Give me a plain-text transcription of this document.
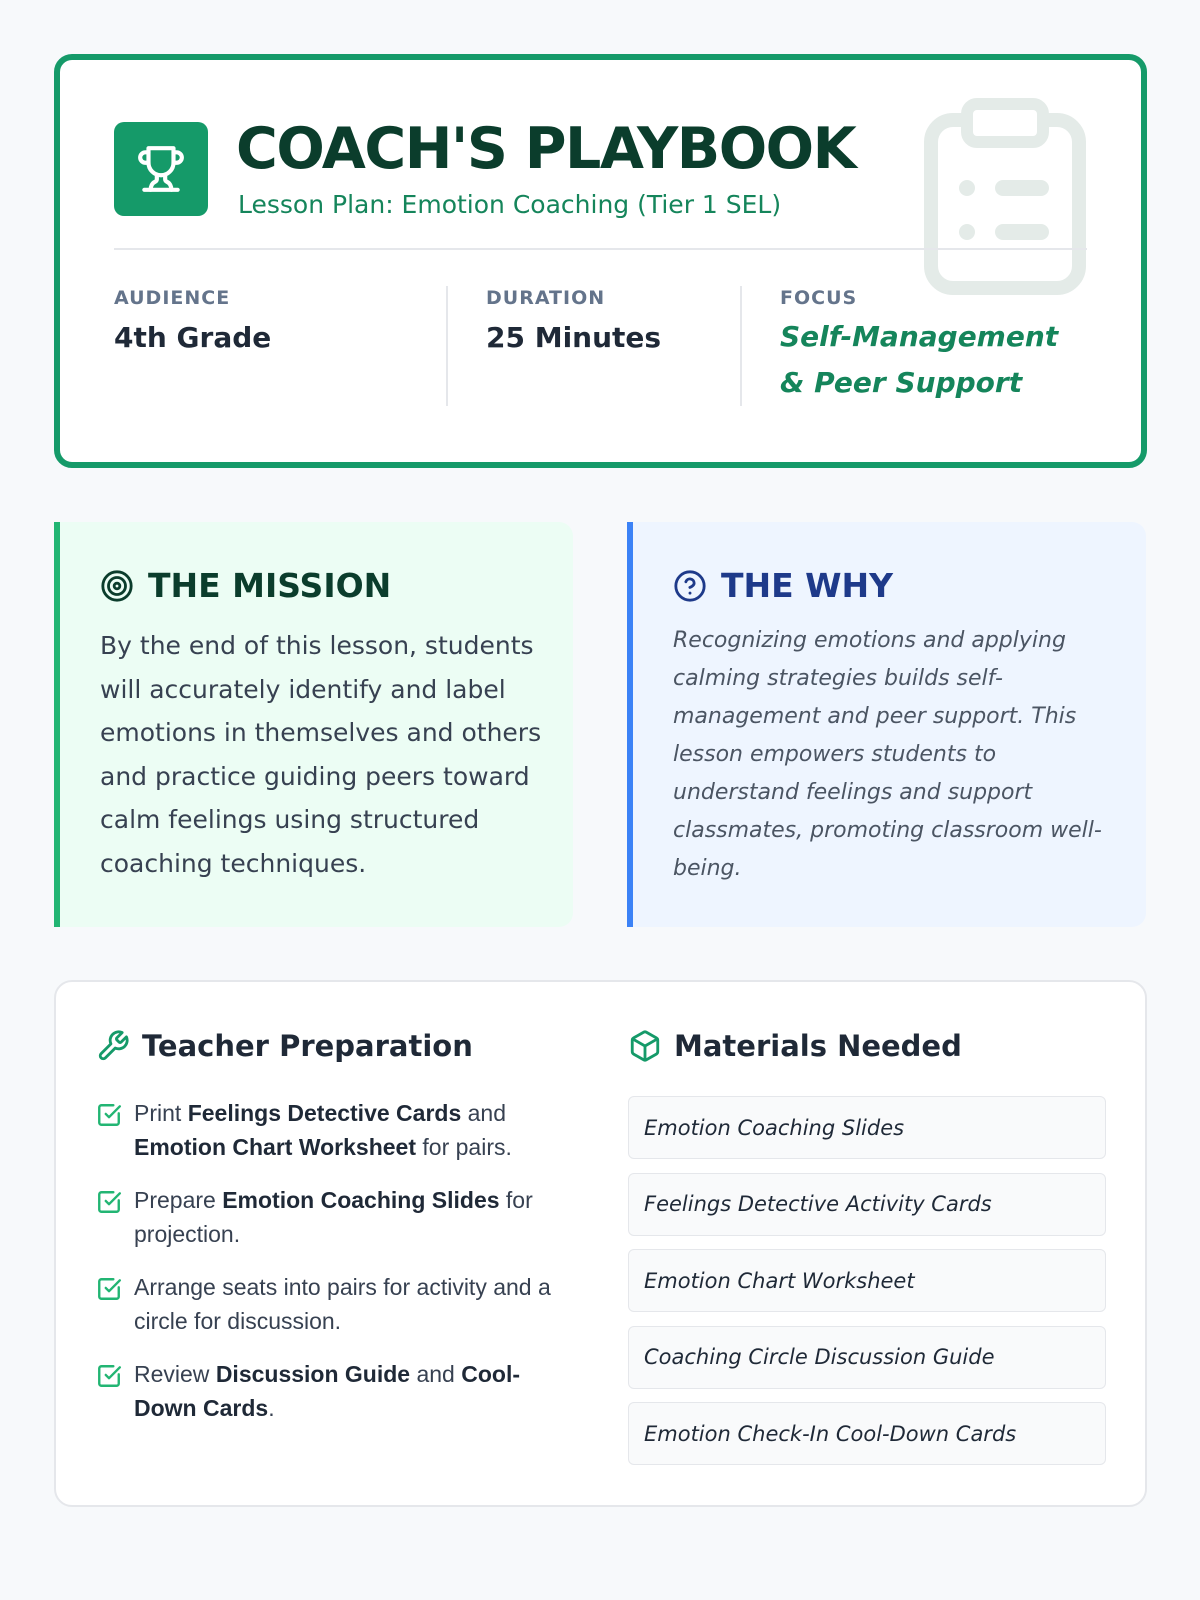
COACH'S PLAYBOOK
Lesson Plan: Emotion Coaching (Tier 1 SEL)
AUDIENCE
4th Grade
DURATION
25 Minutes
FOCUS
Self-Management & Peer Support
THE MISSION

By the end of this lesson, students will accurately identify and label emotions in themselves and others and practice guiding peers toward calm feelings using structured coaching techniques.

THE WHY

Recognizing emotions and applying calming strategies builds self-management and peer support. This lesson empowers students to understand feelings and support classmates, promoting classroom well-being.

Teacher Preparation
Print Feelings Detective Cards and Emotion Chart Worksheet for pairs.
Prepare Emotion Coaching Slides for projection.
Arrange seats into pairs for activity and a circle for discussion.
Review Discussion Guide and Cool-Down Cards.
Materials Needed
Emotion Coaching Slides
Feelings Detective Activity Cards
Emotion Chart Worksheet
Coaching Circle Discussion Guide
Emotion Check-In Cool-Down Cards
